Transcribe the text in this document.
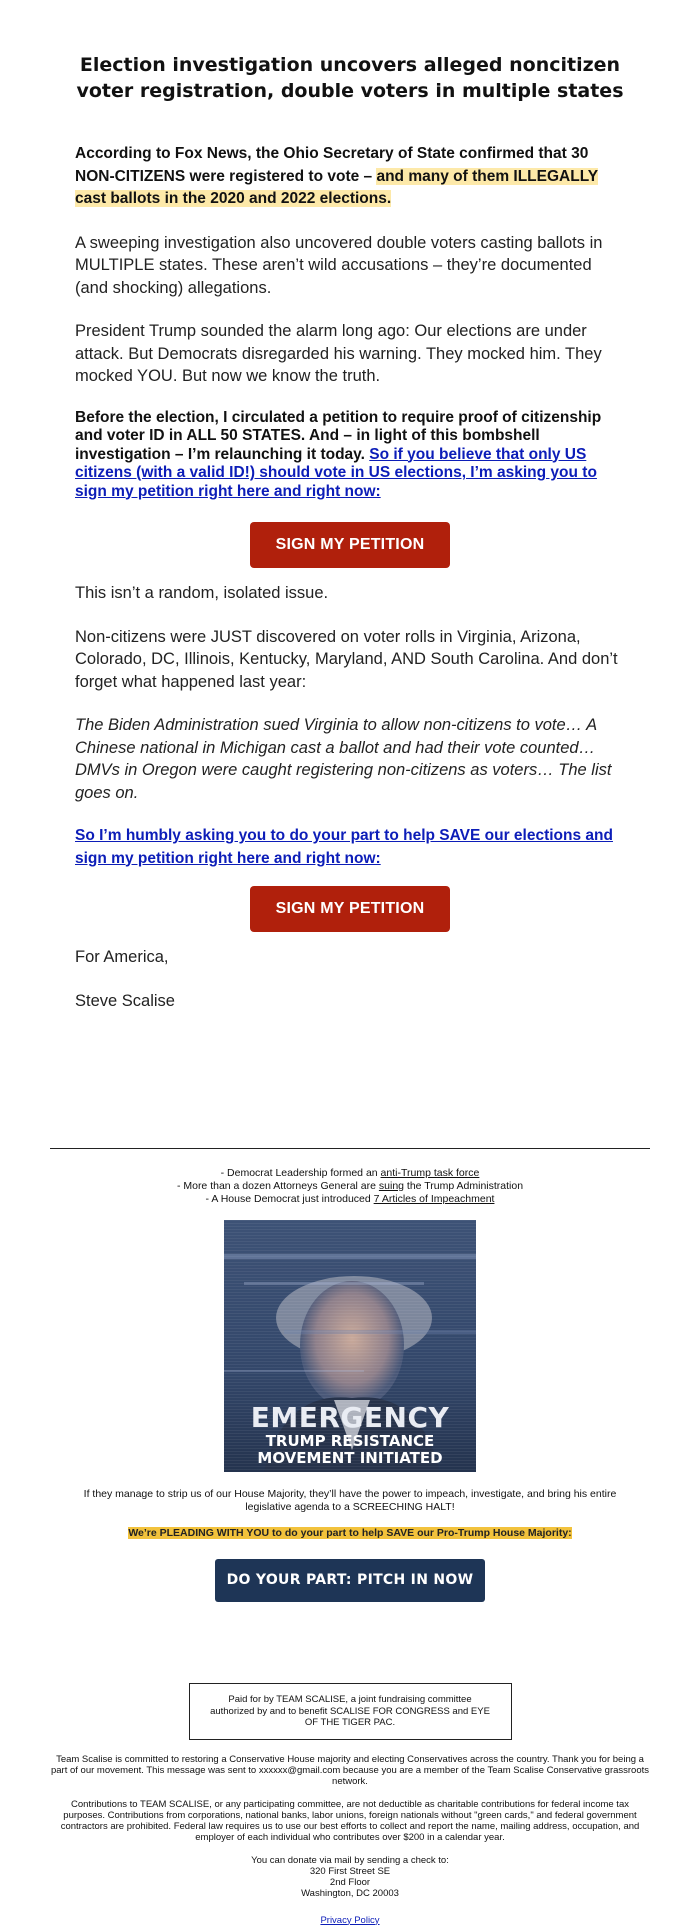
Election investigation uncovers alleged noncitizen voter registration, double voters in multiple states

According to Fox News, the Ohio Secretary of State confirmed that 30 NON-CITIZENS were registered to vote – and many of them ILLEGALLY cast ballots in the 2020 and 2022 elections.

A sweeping investigation also uncovered double voters casting ballots in MULTIPLE states. These aren’t wild accusations – they’re documented (and shocking) allegations.

President Trump sounded the alarm long ago: Our elections are under attack. But Democrats disregarded his warning. They mocked him. They mocked YOU. But now we know the truth.

Before the election, I circulated a petition to require proof of citizenship and voter ID in ALL 50 STATES. And – in light of this bombshell investigation – I’m relaunching it today. So if you believe that only US citizens (with a valid ID!) should vote in US elections, I’m asking you to sign my petition right here and right now:

SIGN MY PETITION

This isn’t a random, isolated issue.

Non-citizens were JUST discovered on voter rolls in Virginia, Arizona, Colorado, DC, Illinois, Kentucky, Maryland, AND South Carolina. And don’t forget what happened last year:

The Biden Administration sued Virginia to allow non-citizens to vote… A Chinese national in Michigan cast a ballot and had their vote counted… DMVs in Oregon were caught registering non-citizens as voters… The list goes on.

So I’m humbly asking you to do your part to help SAVE our elections and sign my petition right here and right now:

SIGN MY PETITION

For America,

Steve Scalise

- Democrat Leadership formed an anti-Trump task force
- More than a dozen Attorneys General are suing the Trump Administration
- A House Democrat just introduced 7 Articles of Impeachment
EMERGENCY
TRUMP RESISTANCE
MOVEMENT INITIATED

If they manage to strip us of our House Majority, they’ll have the power to impeach, investigate, and bring his entire legislative agenda to a SCREECHING HALT!

We’re PLEADING WITH YOU to do your part to help SAVE our Pro-Trump House Majority:
DO YOUR PART: PITCH IN NOW
Paid for by TEAM SCALISE, a joint fundraising committee authorized by and to benefit SCALISE FOR CONGRESS and EYE OF THE TIGER PAC.
Team Scalise is committed to restoring a Conservative House majority and electing Conservatives across the country. Thank you for being a part of our movement. This message was sent to xxxxxx@gmail.com because you are a member of the Team Scalise Conservative grassroots network.
Contributions to TEAM SCALISE, or any participating committee, are not deductible as charitable contributions for federal income tax purposes. Contributions from corporations, national banks, labor unions, foreign nationals without "green cards," and federal government contractors are prohibited. Federal law requires us to use our best efforts to collect and report the name, mailing address, occupation, and employer of each individual who contributes over $200 in a calendar year.
You can donate via mail by sending a check to:
320 First Street SE
2nd Floor
Washington, DC 20003
Privacy Policy
